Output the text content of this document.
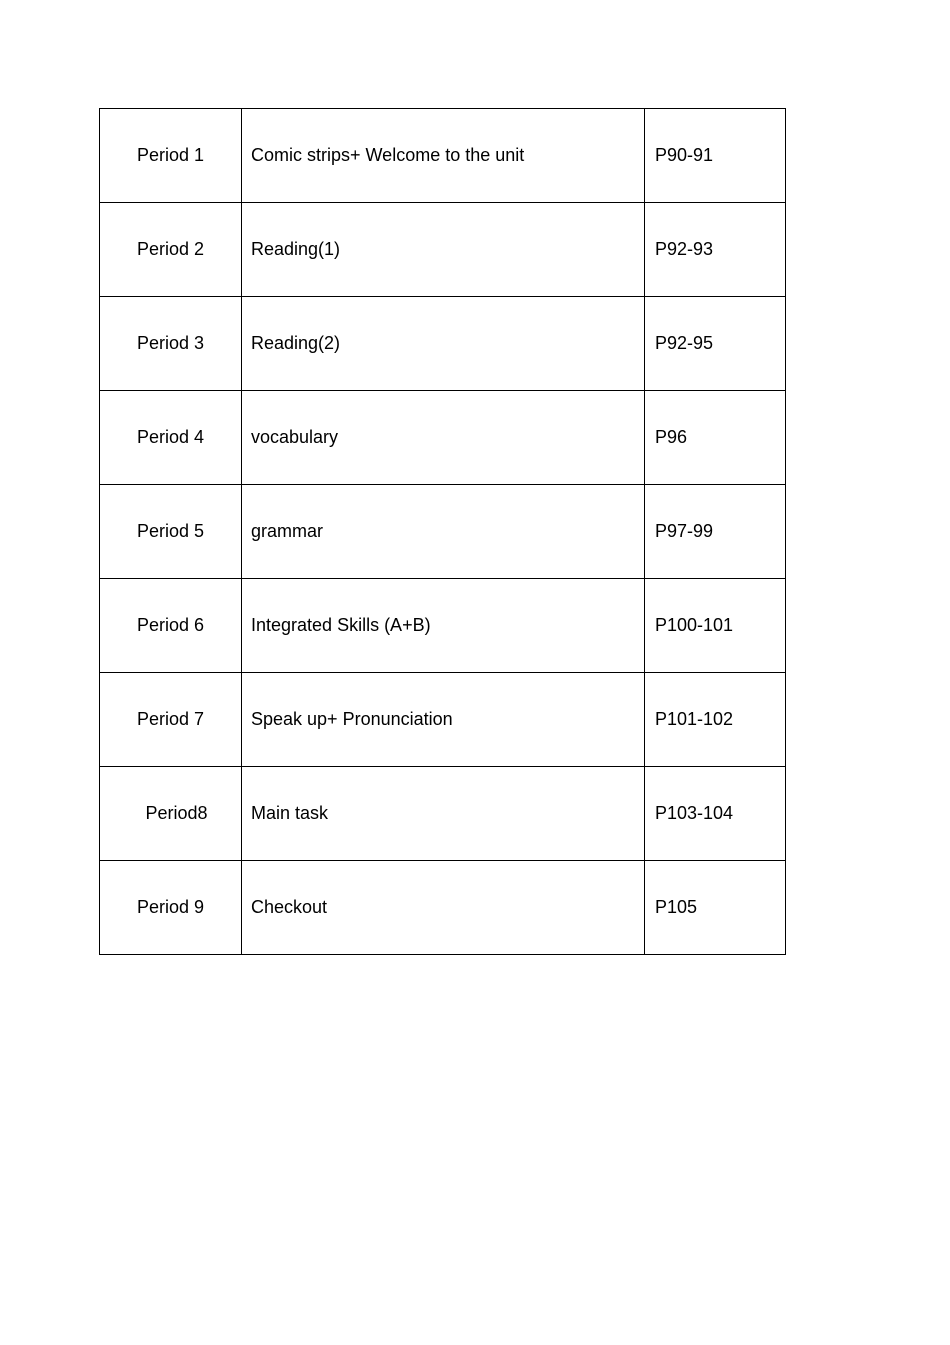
Period 1	Comic strips+ Welcome to the unit	P90-91
Period 2	Reading(1)	P92-93
Period 3	Reading(2)	P92-95
Period 4	vocabulary	P96
Period 5	grammar	P97-99
Period 6	Integrated Skills (A+B)	P100-101
Period 7	Speak up+ Pronunciation	P101-102
Period8	Main task	P103-104
Period 9	Checkout	P105
